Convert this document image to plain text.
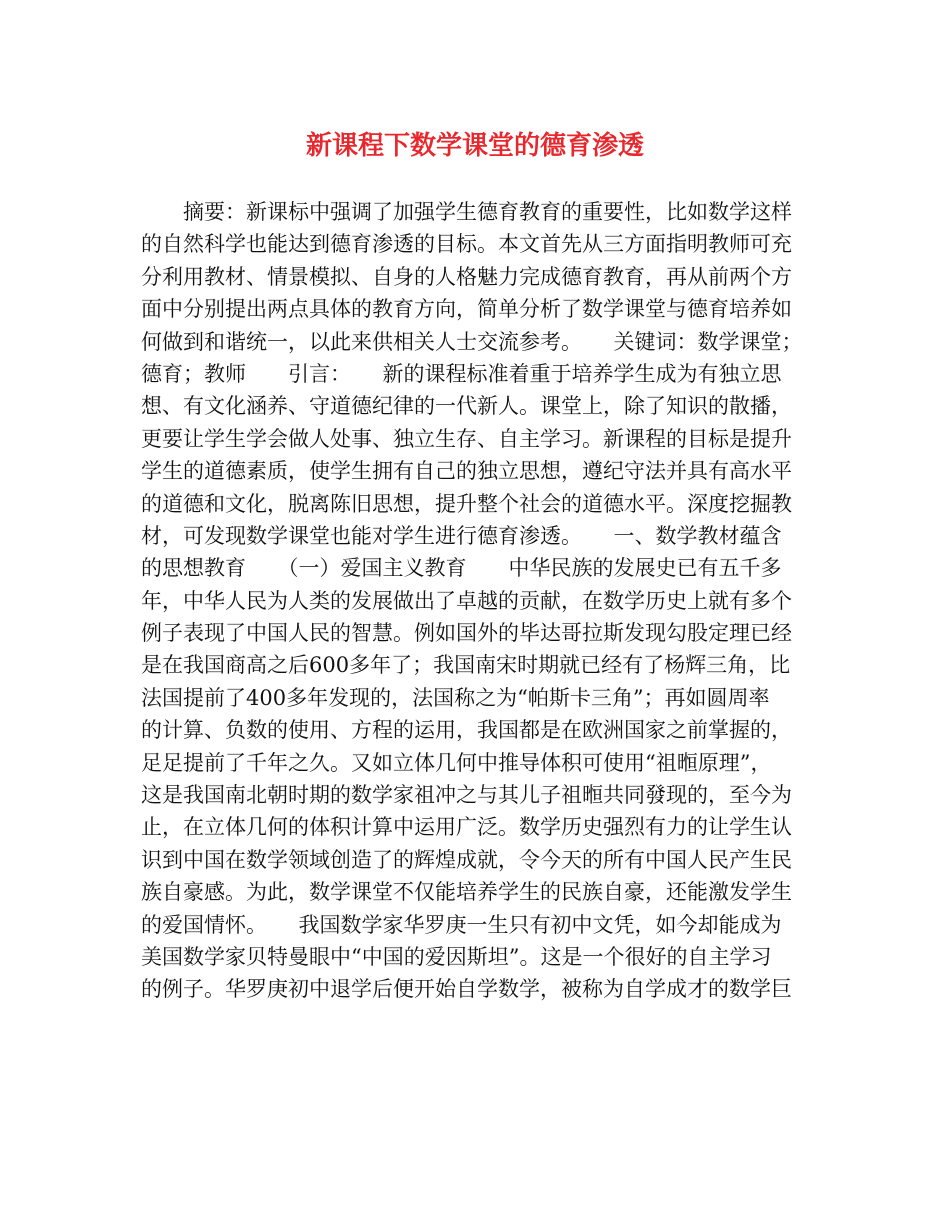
新课程下数学课堂的德育渗透
　　摘要：新课标中强调了加强学生德育教育的重要性，比如数学这样
的自然科学也能达到德育渗透的目标。本文首先从三方面指明教师可充
分利用教材、情景模拟、自身的人格魅力完成德育教育，再从前两个方
面中分别提出两点具体的教育方向，简单分析了数学课堂与德育培养如
何做到和谐统一，以此来供相关人士交流参考。　　关键词：数学课堂；
德育；教师　　引言：　　新的课程标准着重于培养学生成为有独立思
想、有文化涵养、守道德纪律的一代新人。课堂上，除了知识的散播，
更要让学生学会做人处事、独立生存、自主学习。新课程的目标是提升
学生的道德素质，使学生拥有自己的独立思想，遵纪守法并具有高水平
的道德和文化，脱离陈旧思想，提升整个社会的道德水平。深度挖掘教
材，可发现数学课堂也能对学生进行德育渗透。　　一、数学教材蕴含
的思想教育　　（一）爱国主义教育　　中华民族的发展史已有五千多
年，中华人民为人类的发展做出了卓越的贡献，在数学历史上就有多个
例子表现了中国人民的智慧。例如国外的毕达哥拉斯发现勾股定理已经
是在我国商高之后600多年了；我国南宋时期就已经有了杨辉三角，比
法国提前了400多年发现的，法国称之为“帕斯卡三角”；再如圆周率
的计算、负数的使用、方程的运用，我国都是在欧洲国家之前掌握的，
足足提前了千年之久。又如立体几何中推导体积可使用“祖暅原理”，
这是我国南北朝时期的数学家祖冲之与其儿子祖暅共同發现的，至今为
止，在立体几何的体积计算中运用广泛。数学历史强烈有力的让学生认
识到中国在数学领域创造了的辉煌成就，令今天的所有中国人民产生民
族自豪感。为此，数学课堂不仅能培养学生的民族自豪，还能激发学生
的爱国情怀。　　我国数学家华罗庚一生只有初中文凭，如今却能成为
美国数学家贝特曼眼中“中国的爱因斯坦”。这是一个很好的自主学习
的例子。华罗庚初中退学后便开始自学数学，被称为自学成才的数学巨
